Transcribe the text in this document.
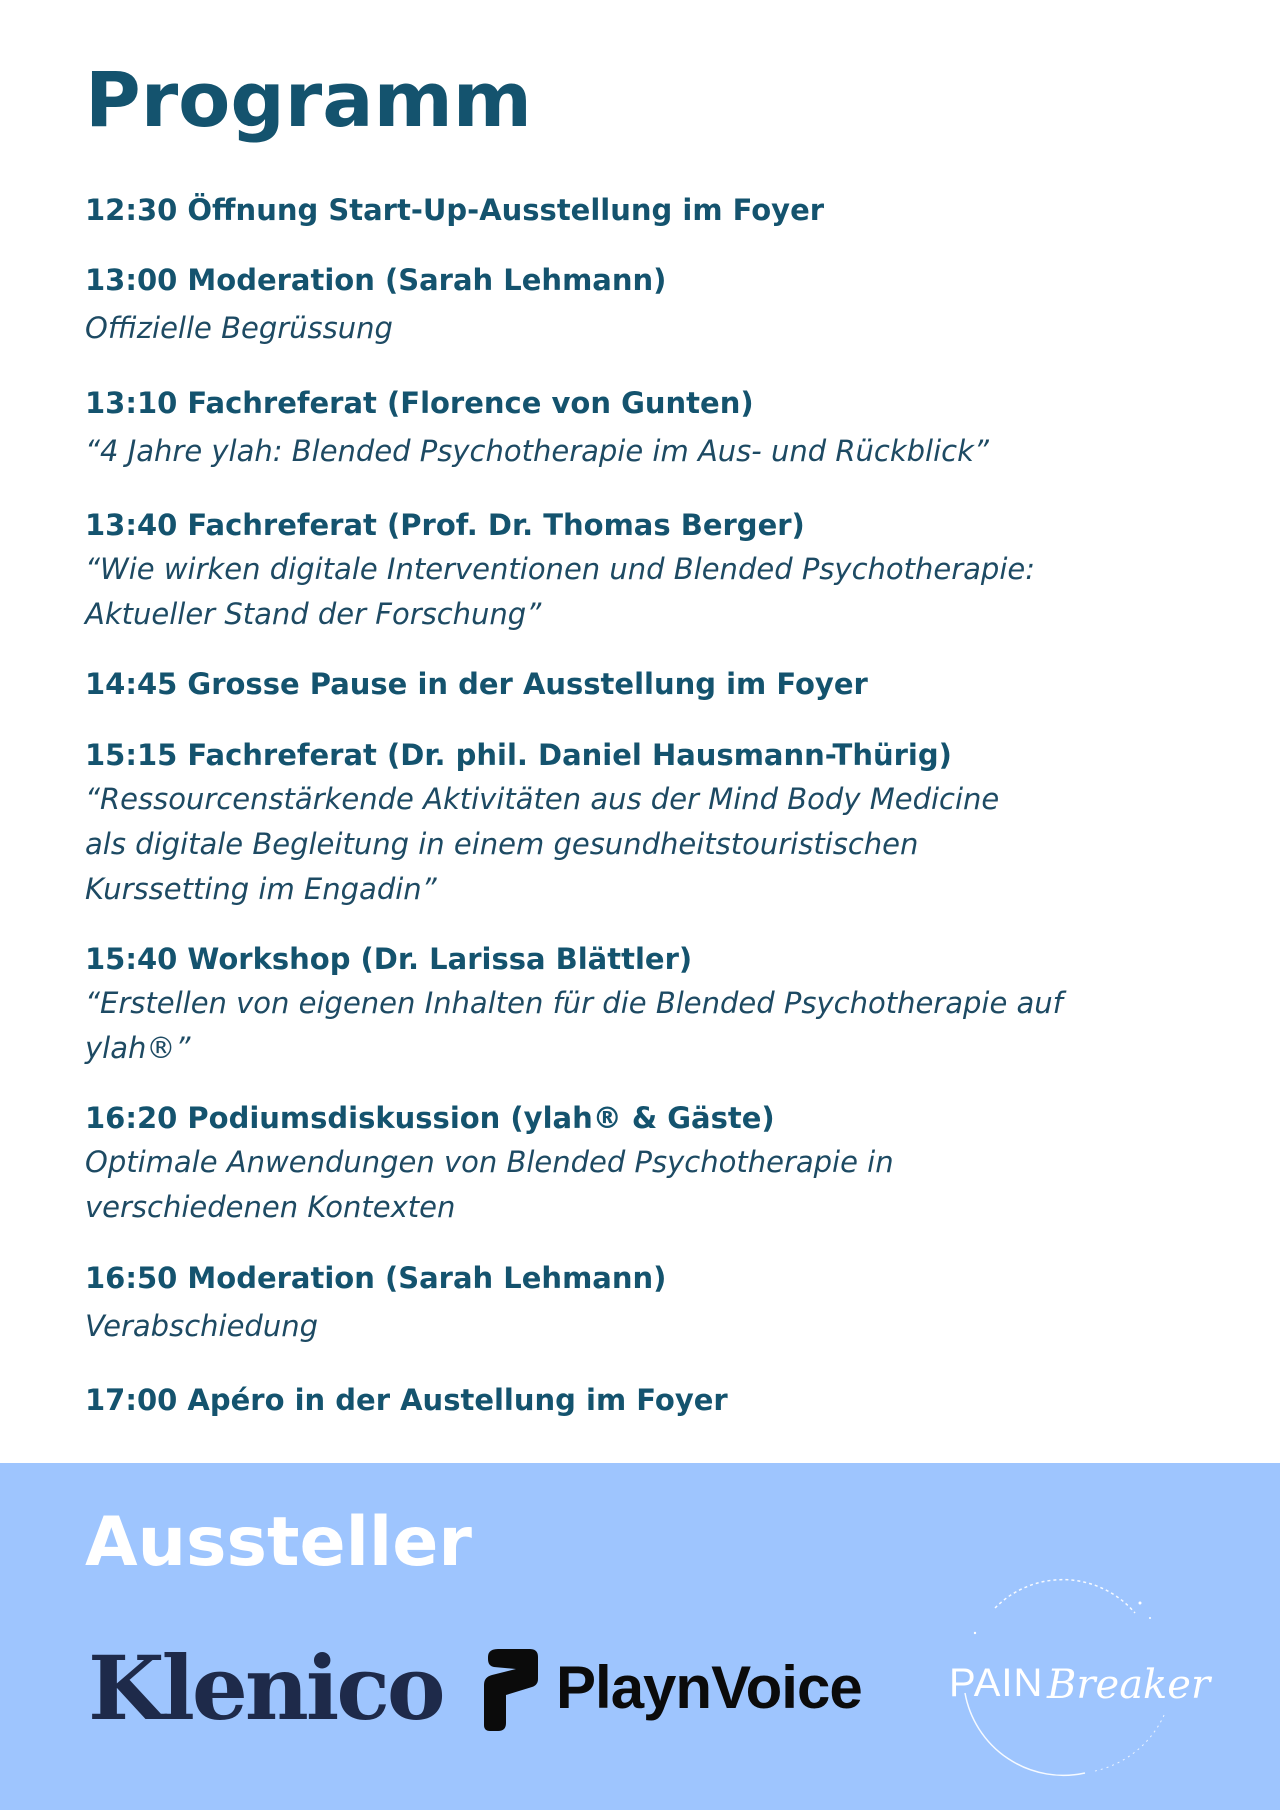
Programm
12:30 Öffnung Start-Up-Ausstellung im Foyer
13:00 Moderation (Sarah Lehmann)
Offizielle Begrüssung
13:10 Fachreferat (Florence von Gunten)
“4 Jahre ylah: Blended Psychotherapie im Aus- und Rückblick”
13:40 Fachreferat (Prof. Dr. Thomas Berger)
“Wie wirken digitale Interventionen und Blended Psychotherapie:
Aktueller Stand der Forschung”
14:45 Grosse Pause in der Ausstellung im Foyer
15:15 Fachreferat (Dr. phil. Daniel Hausmann-Thürig)
“Ressourcenstärkende Aktivitäten aus der Mind Body Medicine
als digitale Begleitung in einem gesundheitstouristischen
Kurssetting im Engadin”
15:40 Workshop (Dr. Larissa Blättler)
“Erstellen von eigenen Inhalten für die Blended Psychotherapie auf
ylah®”
16:20 Podiumsdiskussion (ylah® & Gäste)
Optimale Anwendungen von Blended Psychotherapie in
verschiedenen Kontexten
16:50 Moderation (Sarah Lehmann)
Verabschiedung
17:00 Apéro in der Austellung im Foyer
Aussteller
Klenico PlaynVoice PAIN Breaker
